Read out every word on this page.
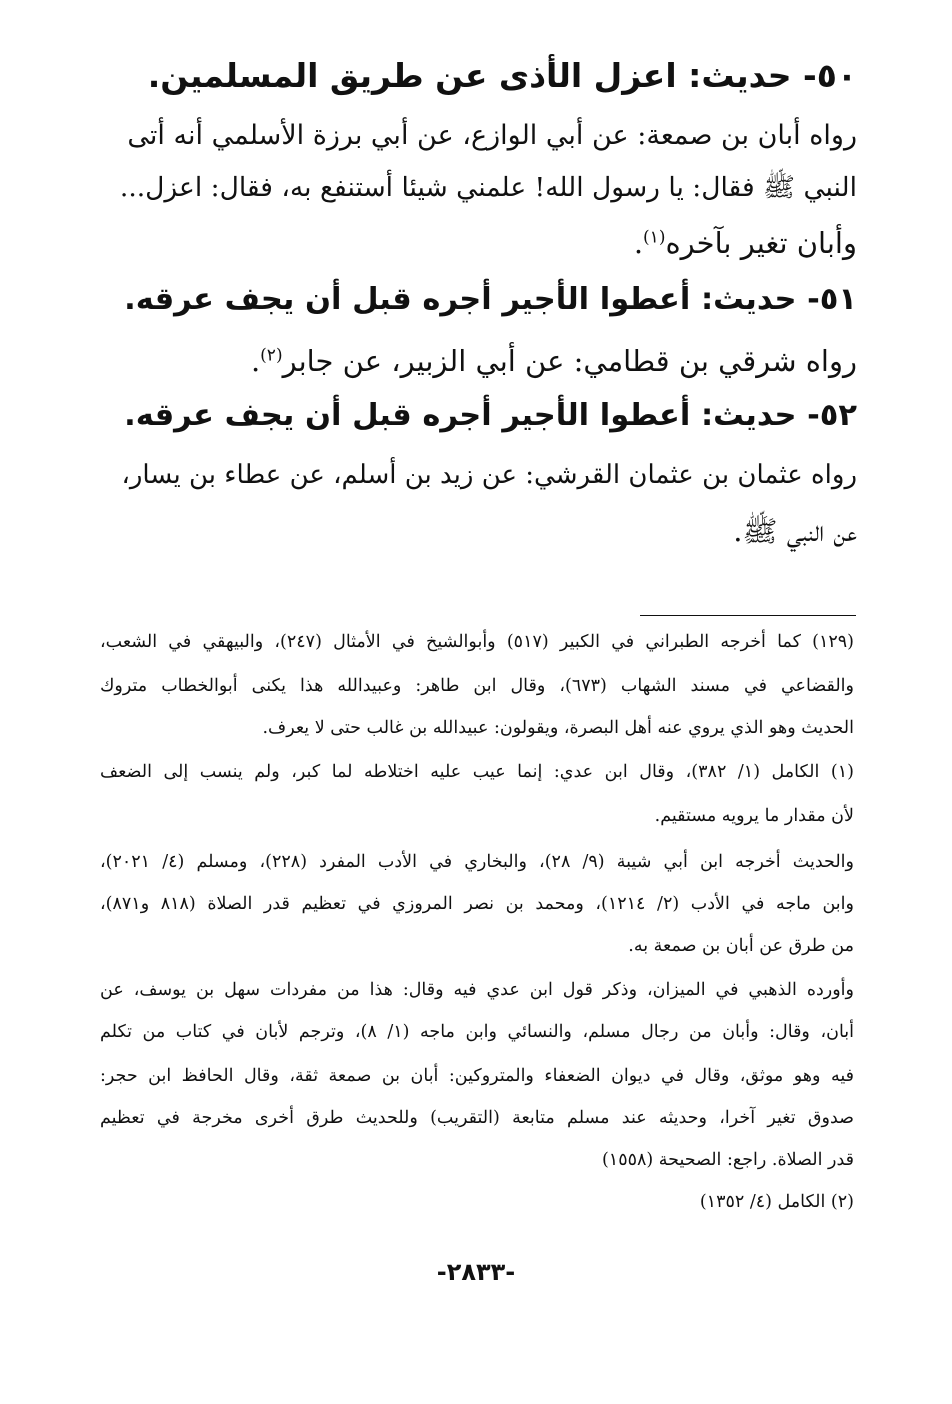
٥٠- حديث: اعزل الأذى عن طريق المسلمين.
رواه أبان بن صمعة: عن أبي الوازع، عن أبي برزة الأسلمي أنه أتى
النبي ﷺ فقال: يا رسول الله! علمني شيئا أستنفع به، فقال: اعزل...
وأبان تغير بآخره$^{(١)}$.
٥١- حديث: أعطوا الأجير أجره قبل أن يجف عرقه.
رواه شرقي بن قطامي: عن أبي الزبير، عن جابر$^{(٢)}$.
٥٢- حديث: أعطوا الأجير أجره قبل أن يجف عرقه.
رواه عثمان بن عثمان القرشي: عن زيد بن أسلم، عن عطاء بن يسار،
عن النبي ﷺ.
(١٢٩) كما أخرجه الطبراني في الكبير (٥١٧) وأبوالشيخ في الأمثال (٢٤٧)، والبيهقي في الشعب،
والقضاعي في مسند الشهاب (٦٧٣)، وقال ابن طاهر: وعبيدالله هذا يكنى أبوالخطاب متروك
الحديث وهو الذي يروي عنه أهل البصرة، ويقولون: عبيدالله بن غالب حتى لا يعرف.
(١) الكامل (١/ ٣٨٢)، وقال ابن عدي: إنما عيب عليه اختلاطه لما كبر، ولم ينسب إلى الضعف
لأن مقدار ما يرويه مستقيم.
والحديث أخرجه ابن أبي شيبة (٩/ ٢٨)، والبخاري في الأدب المفرد (٢٢٨)، ومسلم (٤/ ٢٠٢١)،
وابن ماجه في الأدب (٢/ ١٢١٤)، ومحمد بن نصر المروزي في تعظيم قدر الصلاة (٨١٨ و٨٧١)،
من طرق عن أبان بن صمعة به.
وأورده الذهبي في الميزان، وذكر قول ابن عدي فيه وقال: هذا من مفردات سهل بن يوسف، عن
أبان، وقال: وأبان من رجال مسلم، والنسائي وابن ماجه (١/ ٨)، وترجم لأبان في كتاب من تكلم
فيه وهو موثق، وقال في ديوان الضعفاء والمتروكين: أبان بن صمعة ثقة، وقال الحافظ ابن حجر:
صدوق تغير آخرا، وحديثه عند مسلم متابعة (التقريب) وللحديث طرق أخرى مخرجة في تعظيم
قدر الصلاة. راجع: الصحيحة (١٥٥٨)
(٢) الكامل (٤/ ١٣٥٢)
-٢٨٣٣-
